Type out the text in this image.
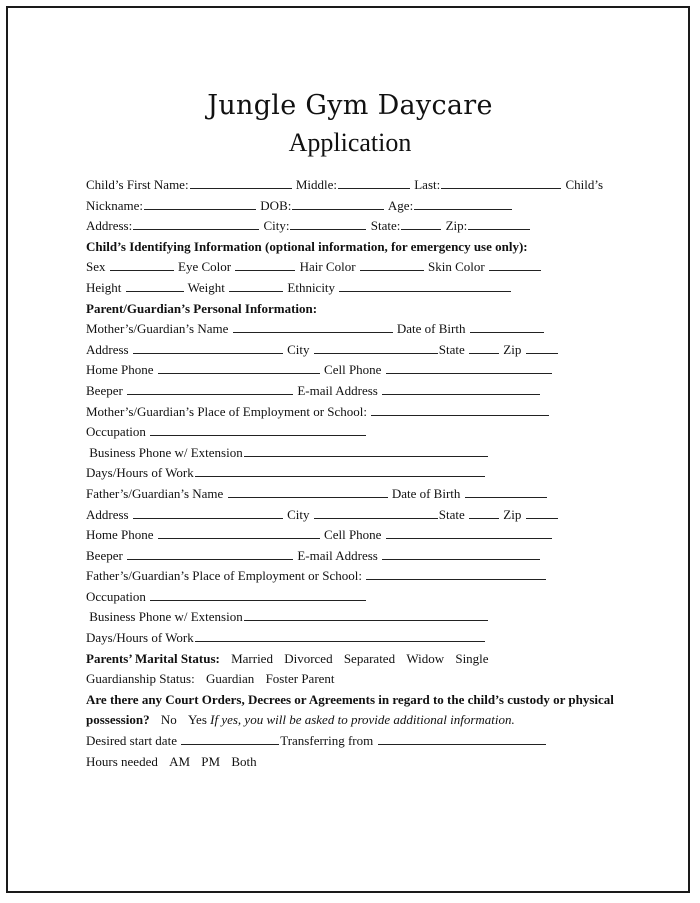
Jungle Gym Daycare
Application
Child’s First Name:	Middle:	Last:	Child’s
Nickname:	DOB:	Age:
Address:	City:	State:	Zip:
Child’s Identifying Information (optional information, for emergency use only):
Sex	Eye Color	Hair Color	Skin Color
Height	Weight	Ethnicity
Parent/Guardian’s Personal Information:
Mother’s/Guardian’s Name	Date of Birth
Address	City	State	Zip
Home Phone	Cell Phone
Beeper	E-mail Address
Mother’s/Guardian’s Place of Employment or School:
Occupation
Business Phone w/ Extension
Days/Hours of Work
Father’s/Guardian’s Name	Date of Birth
Address	City	State	Zip
Home Phone	Cell Phone
Beeper	E-mail Address
Father’s/Guardian’s Place of Employment or School:
Occupation
Business Phone w/ Extension
Days/Hours of Work
Parents’ Marital Status: Married Divorced Separated Widow Single
Guardianship Status: Guardian Foster Parent
Are there any Court Orders, Decrees or Agreements in regard to the child’s custody or physical
possession? No Yes If yes, you will be asked to provide additional information.
Desired start date	Transferring from
Hours needed AM PM Both
